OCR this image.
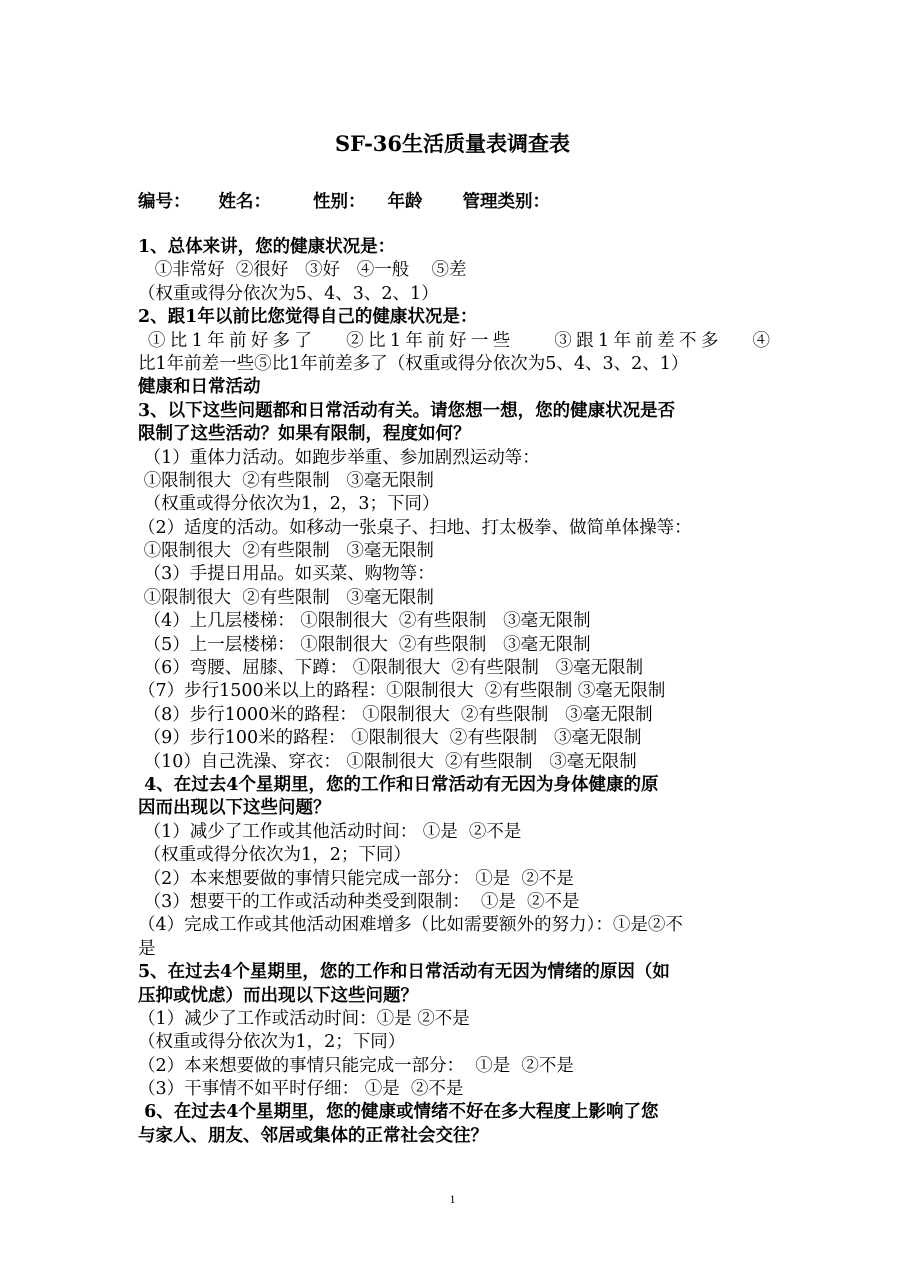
SF-36生活质量表调查表
编号： 姓名： 性别： 年龄 管理类别：
1、总体来讲，您的健康状况是：
①非常好  ②很好   ③好   ④一般    ⑤差
（权重或得分依次为5、4、3、2、1）
2、跟1年以前比您觉得自己的健康状况是：
①比1年前好多了   ②比1年前好一些    ③跟1年前差不多   ④
比1年前差一些⑤比1年前差多了（权重或得分依次为5、4、3、2、1）
健康和日常活动
3、以下这些问题都和日常活动有关。请您想一想，您的健康状况是否
限制了这些活动？如果有限制，程度如何？
（1）重体力活动。如跑步举重、参加剧烈运动等：
①限制很大  ②有些限制   ③毫无限制
（权重或得分依次为1，2，3；下同）
（2）适度的活动。如移动一张桌子、扫地、打太极拳、做简单体操等：
①限制很大  ②有些限制   ③毫无限制
（3）手提日用品。如买菜、购物等：
①限制很大  ②有些限制   ③毫无限制
（4）上几层楼梯： ①限制很大  ②有些限制   ③毫无限制
（5）上一层楼梯： ①限制很大  ②有些限制   ③毫无限制
（6）弯腰、屈膝、下蹲： ①限制很大  ②有些限制   ③毫无限制
（7）步行1500米以上的路程：①限制很大  ②有些限制 ③毫无限制
（8）步行1000米的路程： ①限制很大  ②有些限制   ③毫无限制
（9）步行100米的路程： ①限制很大  ②有些限制   ③毫无限制
（10）自己洗澡、穿衣： ①限制很大  ②有些限制   ③毫无限制
4、在过去4个星期里，您的工作和日常活动有无因为身体健康的原
因而出现以下这些问题？
（1）减少了工作或其他活动时间： ①是  ②不是
（权重或得分依次为1，2；下同）
（2）本来想要做的事情只能完成一部分： ①是  ②不是
（3）想要干的工作或活动种类受到限制：  ①是  ②不是
（4）完成工作或其他活动困难增多（比如需要额外的努力）：①是②不
是
5、在过去4个星期里，您的工作和日常活动有无因为情绪的原因（如
压抑或忧虑）而出现以下这些问题？
（1）减少了工作或活动时间：①是 ②不是
（权重或得分依次为1，2；下同）
（2）本来想要做的事情只能完成一部分：  ①是  ②不是
（3）干事情不如平时仔细： ①是  ②不是
6、在过去4个星期里，您的健康或情绪不好在多大程度上影响了您
与家人、朋友、邻居或集体的正常社会交往？
1
